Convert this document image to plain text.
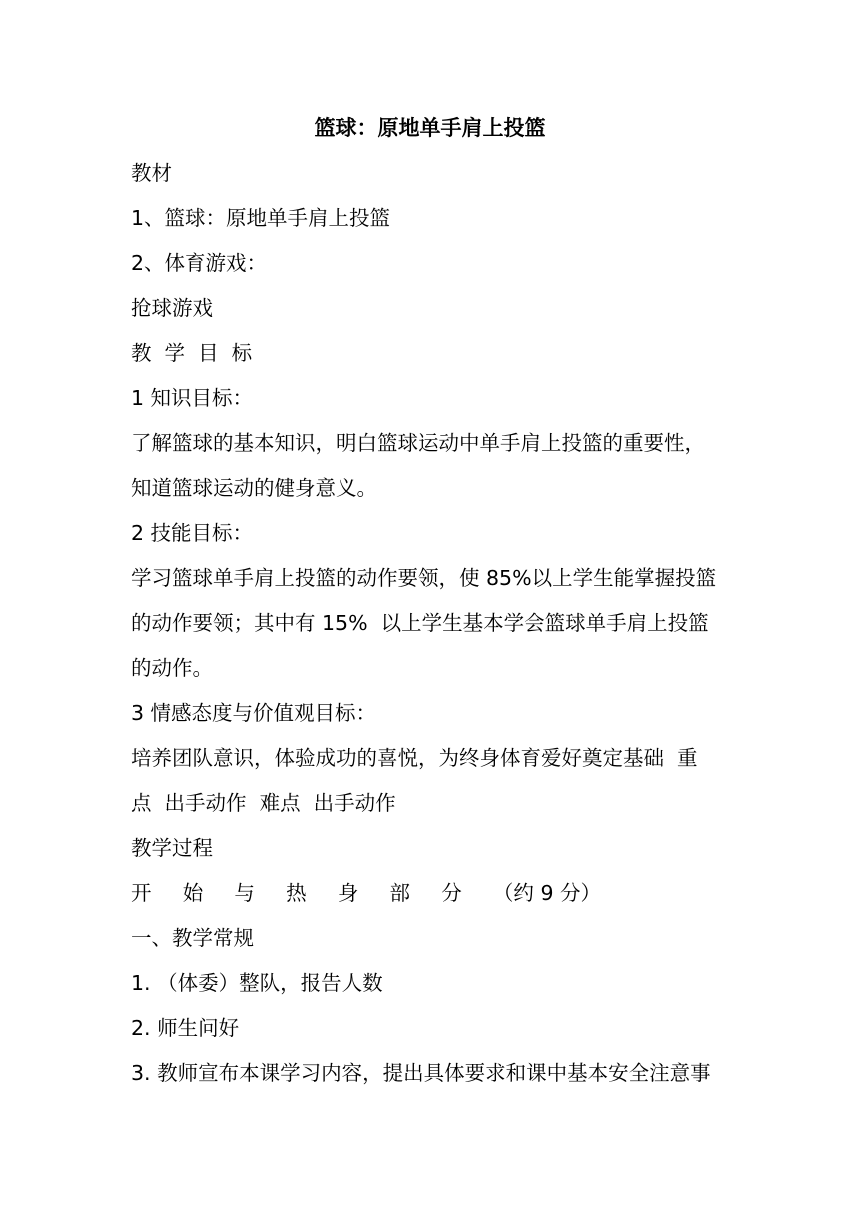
篮球：原地单手肩上投篮
教材
1、篮球：原地单手肩上投篮
2、体育游戏：
抢球游戏
教  学  目  标
1 知识目标：
了解篮球的基本知识，明白篮球运动中单手肩上投篮的重要性，
知道篮球运动的健身意义。
2 技能目标：
学习篮球单手肩上投篮的动作要领，使 85%以上学生能掌握投篮
的动作要领；其中有 15%  以上学生基本学会篮球单手肩上投篮
的动作。
3 情感态度与价值观目标：
培养团队意识，体验成功的喜悦，为终身体育爱好奠定基础  重
点  出手动作  难点  出手动作
教学过程
开 始 与 热 身 部 分 （约 9 分）
一、教学常规
1. （体委）整队，报告人数
2. 师生问好
3. 教师宣布本课学习内容，提出具体要求和课中基本安全注意事
